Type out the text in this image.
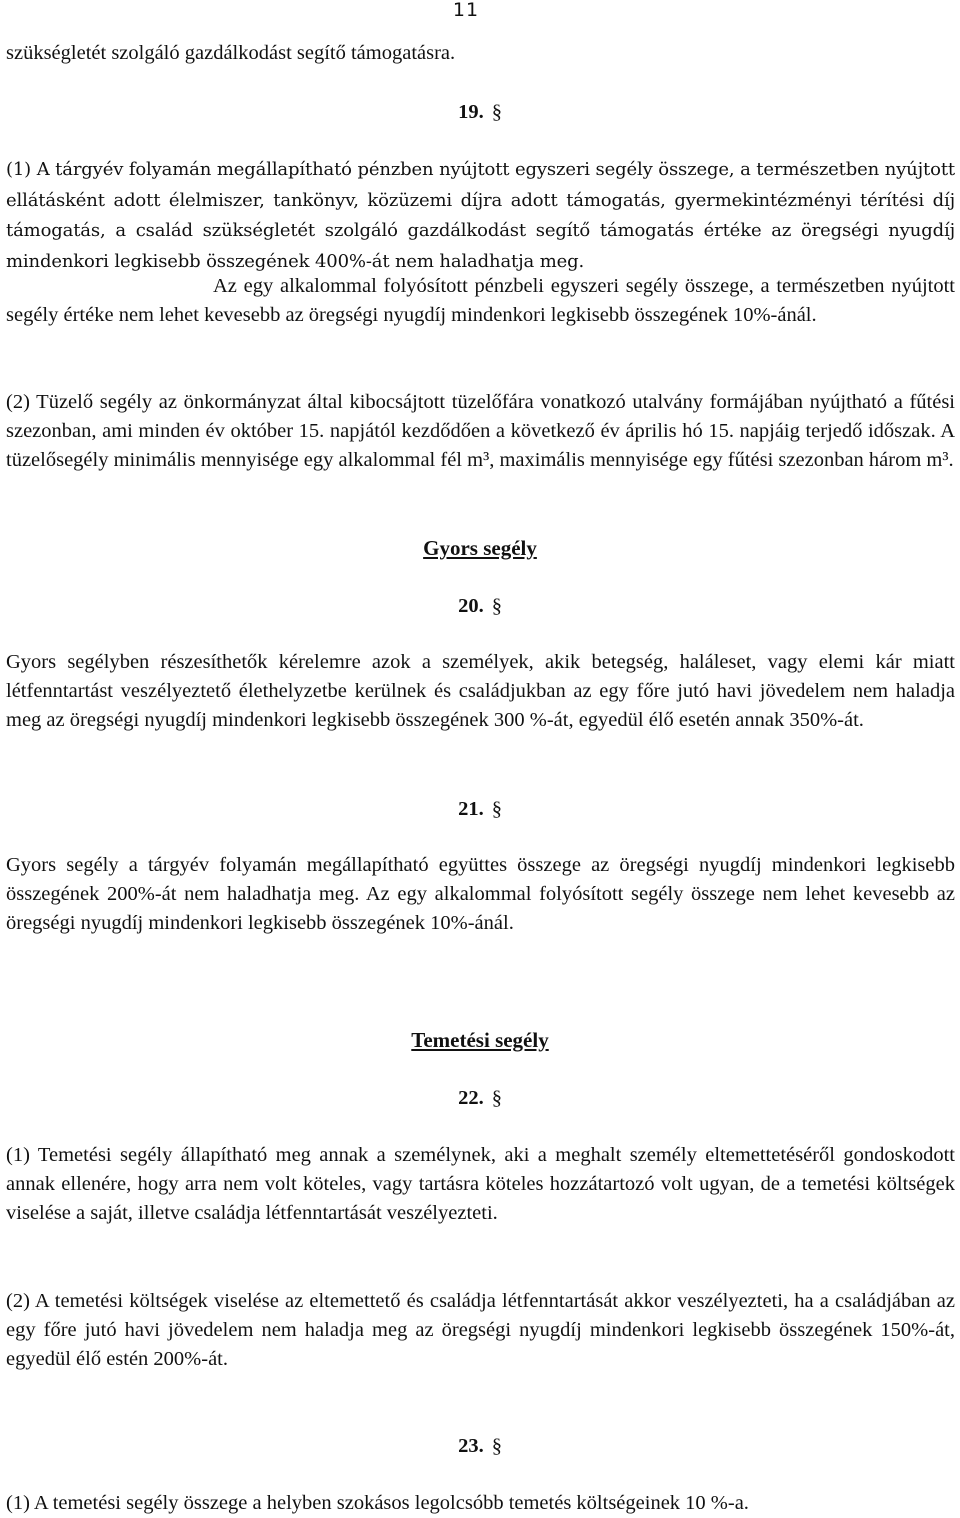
11

szükségletét szolgáló gazdálkodást segítő támogatásra.

19. §

(1) A tárgyév folyamán megállapítható pénzben nyújtott egyszeri segély összege, a természetben nyújtott ellátásként adott élelmiszer, tankönyv, közüzemi díjra adott támogatás, gyermekintézményi térítési díj támogatás, a család szükségletét szolgáló gazdálkodást segítő támogatás értéke az öregségi nyugdíj mindenkori legkisebb összegének 400%-át nem haladhatja meg.

Az egy alkalommal folyósított pénzbeli egyszeri segély összege, a természetben nyújtott segély értéke nem lehet kevesebb az öregségi nyugdíj mindenkori legkisebb összegének 10%-ánál.

(2) Tüzelő segély az önkormányzat által kibocsájtott tüzelőfára vonatkozó utalvány formájában nyújtható a fűtési szezonban, ami minden év október 15. napjától kezdődően a következő év április hó 15. napjáig terjedő időszak. A tüzelősegély minimális mennyisége egy alkalommal fél m³, maximális mennyisége egy fűtési szezonban három m³.

Gyors segély
20. §

Gyors segélyben részesíthetők kérelemre azok a személyek, akik betegség, haláleset, vagy elemi kár miatt létfenntartást veszélyeztető élethelyzetbe kerülnek és családjukban az egy főre jutó havi jövedelem nem haladja meg az öregségi nyugdíj mindenkori legkisebb összegének 300 %-át, egyedül élő esetén annak 350%-át.

21. §

Gyors segély a tárgyév folyamán megállapítható együttes összege az öregségi nyugdíj mindenkori legkisebb összegének 200%-át nem haladhatja meg. Az egy alkalommal folyósított segély összege nem lehet kevesebb az öregségi nyugdíj mindenkori legkisebb összegének 10%-ánál.

Temetési segély
22. §

(1) Temetési segély állapítható meg annak a személynek, aki a meghalt személy eltemettetéséről gondoskodott annak ellenére, hogy arra nem volt köteles, vagy tartásra köteles hozzátartozó volt ugyan, de a temetési költségek viselése a saját, illetve családja létfenntartását veszélyezteti.

(2) A temetési költségek viselése az eltemettető és családja létfenntartását akkor veszélyezteti, ha a családjában az egy főre jutó havi jövedelem nem haladja meg az öregségi nyugdíj mindenkori legkisebb összegének 150%-át, egyedül élő estén 200%-át.

23. §

(1) A temetési segély összege a helyben szokásos legolcsóbb temetés költségeinek 10 %-a.
